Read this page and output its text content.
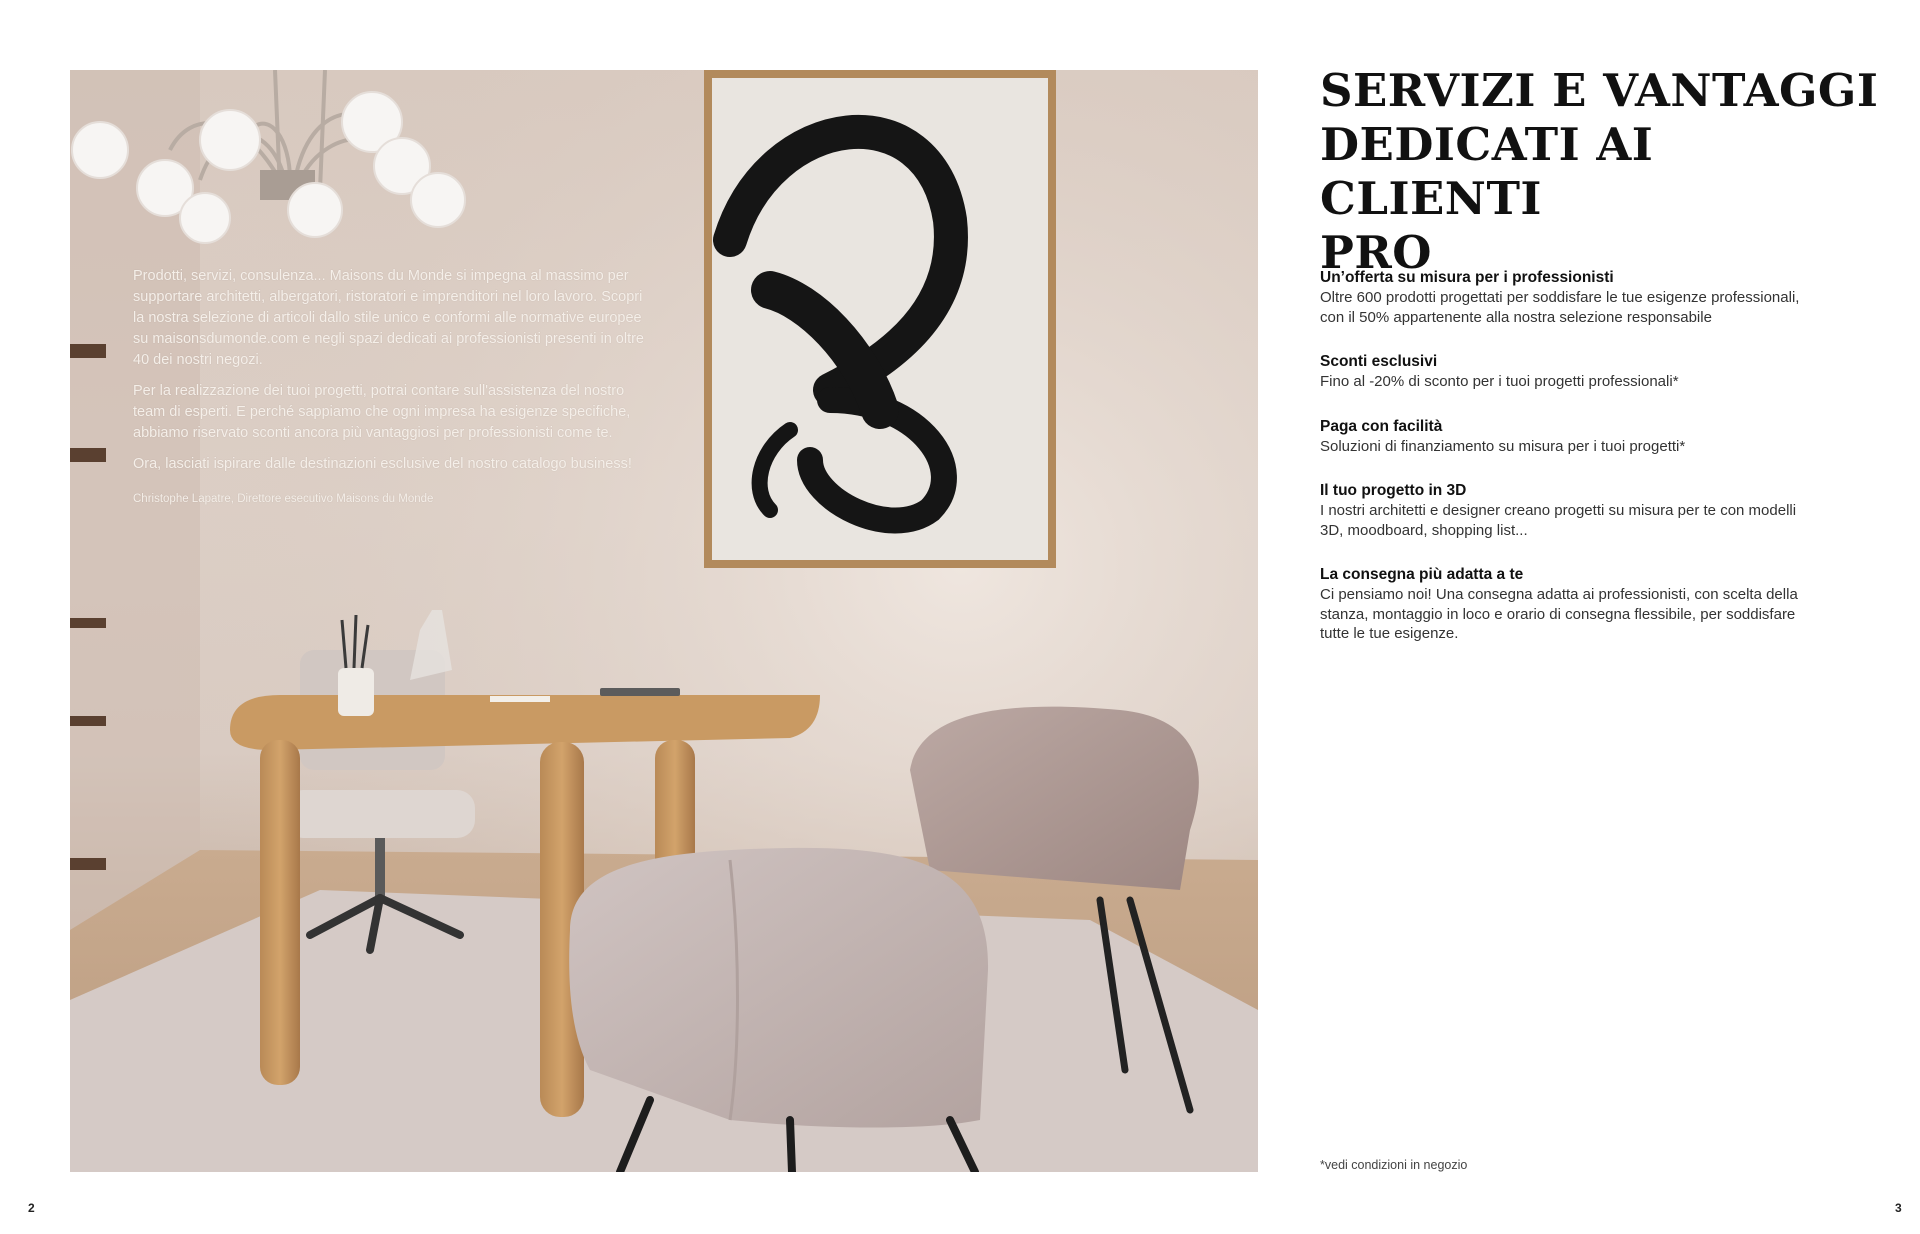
Prodotti, servizi, consulenza... Maisons du Monde si impegna al massimo per supportare architetti, albergatori, ristoratori e imprenditori nel loro lavoro. Scopri la nostra selezione di articoli dallo stile unico e conformi alle normative europee su maisonsdumonde.com e negli spazi dedicati ai professionisti presenti in oltre 40 dei nostri negozi.

Per la realizzazione dei tuoi progetti, potrai contare sull'assistenza del nostro team di esperti. E perché sappiamo che ogni impresa ha esigenze specifiche, abbiamo riservato sconti ancora più vantaggiosi per professionisti come te.

Ora, lasciati ispirare dalle destinazioni esclusive del nostro catalogo business!

Christophe Lapatre, Direttore esecutivo Maisons du Monde

SERVIZI E VANTAGGI
DEDICATI AI CLIENTI
PRO

Un’offerta su misura per i professionisti

Oltre 600 prodotti progettati per soddisfare le tue esigenze professionali, con il 50% appartenente alla nostra selezione responsabile

Sconti esclusivi

Fino al -20% di sconto per i tuoi progetti professionali*

Paga con facilità

Soluzioni di finanziamento su misura per i tuoi progetti*

Il tuo progetto in 3D

I nostri architetti e designer creano progetti su misura per te con modelli 3D, moodboard, shopping list...

La consegna più adatta a te

Ci pensiamo noi! Una consegna adatta ai professionisti, con scelta della stanza, montaggio in loco e orario di consegna flessibile, per soddisfare tutte le tue esigenze.

*vedi condizioni in negozio
2	3
